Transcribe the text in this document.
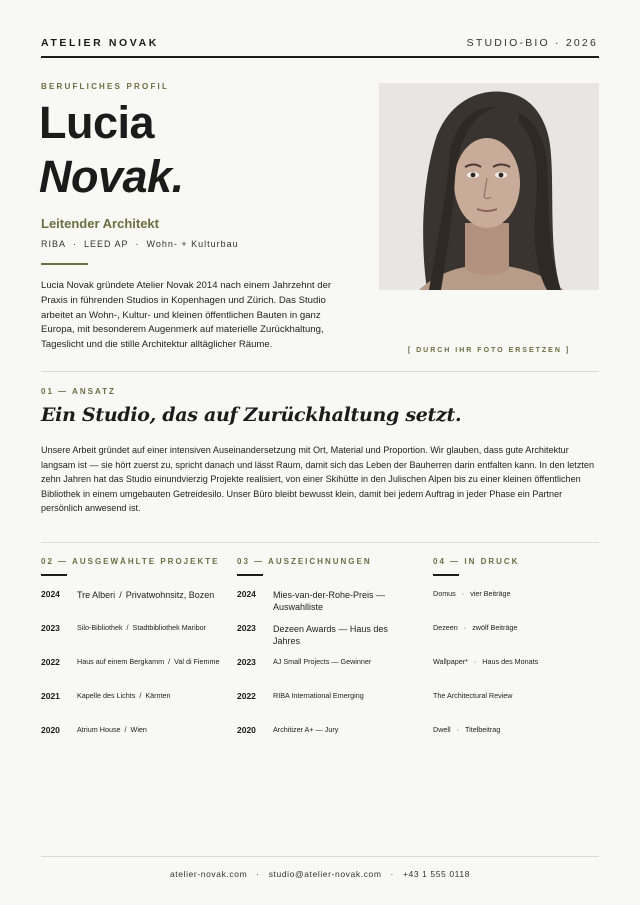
ATELIER NOVAK	STUDIO-BIO · 2026
BERUFLICHES PROFIL
Lucia
Novak.
Leitender Architekt
RIBA · LEED AP · Wohn- + Kulturbau

Lucia Novak gründete Atelier Novak 2014 nach einem Jahrzehnt der Praxis in führenden Studios in Kopenhagen und Zürich. Das Studio arbeitet an Wohn-, Kultur- und kleinen öffentlichen Bauten in ganz Europa, mit besonderem Augenmerk auf materielle Zurückhaltung, Tageslicht und die stille Architektur alltäglicher Räume.

[ DURCH IHR FOTO ERSETZEN ]
01 — ANSATZ
Ein Studio, das auf Zurückhaltung setzt.

Unsere Arbeit gründet auf einer intensiven Auseinandersetzung mit Ort, Material und Proportion. Wir glauben, dass gute Architektur langsam ist — sie hört zuerst zu, spricht danach und lässt Raum, damit sich das Leben der Bauherren darin entfalten kann. In den letzten zehn Jahren hat das Studio einundvierzig Projekte realisiert, von einer Skihütte in den Julischen Alpen bis zu einer kleinen öffentlichen Bibliothek in einem umgebauten Getreidesilo. Unser Büro bleibt bewusst klein, damit bei jedem Auftrag in jeder Phase ein Partner persönlich anwesend ist.

02 — AUSGEWÄHLTE PROJEKTE
2024 Tre Alberi / Privatwohnsitz, Bozen
2023 Silo-Bibliothek / Stadtbibliothek Maribor
2022 Haus auf einem Bergkamm / Val di Fiemme
2021 Kapelle des Lichts / Kärnten
2020 Atrium House / Wien
03 — AUSZEICHNUNGEN
2024 Mies-van-der-Rohe-Preis — Auswahlliste
2023 Dezeen Awards — Haus des Jahres
2023 AJ Small Projects — Gewinner
2022 RIBA International Emerging
2020 Architizer A+ — Jury
04 — IN DRUCK
Domus · vier Beiträge
Dezeen · zwölf Beiträge
Wallpaper* · Haus des Monats
The Architectural Review
Dwell · Titelbeitrag
atelier-novak.com · studio@atelier-novak.com · +43 1 555 0118
